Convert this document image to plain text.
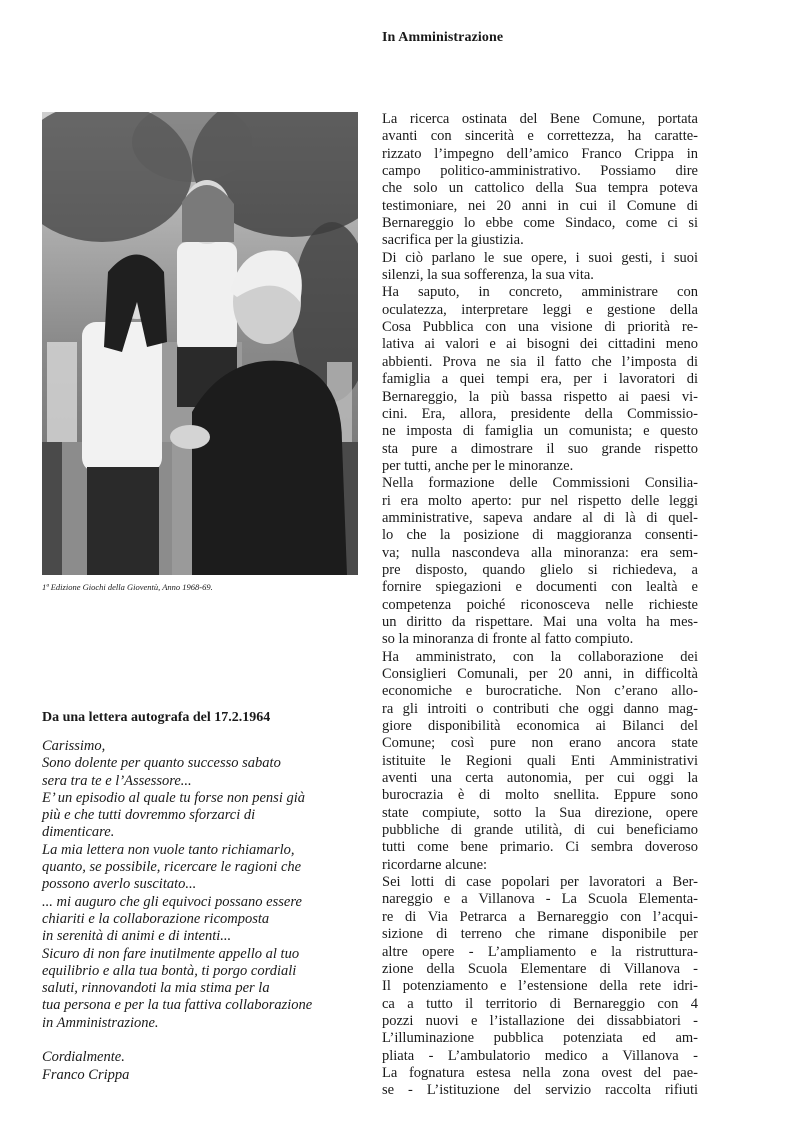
In Amministrazione
1ª Edizione Giochi della Gioventù, Anno 1968-69.
Da una lettera autografa del 17.2.1964
Carissimo,
Sono dolente per quanto successo sabato
sera tra te e l’Assessore...
E’ un episodio al quale tu forse non pensi già
più e che tutti dovremmo sforzarci di
dimenticare.
La mia lettera non vuole tanto richiamarlo,
quanto, se possibile, ricercare le ragioni che
possono averlo suscitato...
... mi auguro che gli equivoci possano essere
chiariti e la collaborazione ricomposta
in serenità di animi e di intenti...
Sicuro di non fare inutilmente appello al tuo
equilibrio e alla tua bontà, ti porgo cordiali
saluti, rinnovandoti la mia stima per la
tua persona e per la tua fattiva collaborazione
in Amministrazione.
Cordialmente.
Franco Crippa
La ricerca ostinata del Bene Comune, portata
avanti con sincerità e correttezza, ha caratte-
rizzato l’impegno dell’amico Franco Crippa in
campo politico-amministrativo. Possiamo dire
che solo un cattolico della Sua tempra poteva
testimoniare, nei 20 anni in cui il Comune di
Bernareggio lo ebbe come Sindaco, come ci si
sacrifica per la giustizia.
Di ciò parlano le sue opere, i suoi gesti, i suoi
silenzi, la sua sofferenza, la sua vita.
Ha saputo, in concreto, amministrare con
oculatezza, interpretare leggi e gestione della
Cosa Pubblica con una visione di priorità re-
lativa ai valori e ai bisogni dei cittadini meno
abbienti. Prova ne sia il fatto che l’imposta di
famiglia a quei tempi era, per i lavoratori di
Bernareggio, la più bassa rispetto ai paesi vi-
cini. Era, allora, presidente della Commissio-
ne imposta di famiglia un comunista; e questo
sta pure a dimostrare il suo grande rispetto
per tutti, anche per le minoranze.
Nella formazione delle Commissioni Consilia-
ri era molto aperto: pur nel rispetto delle leggi
amministrative, sapeva andare al di là di quel-
lo che la posizione di maggioranza consenti-
va; nulla nascondeva alla minoranza: era sem-
pre disposto, quando glielo si richiedeva, a
fornire spiegazioni e documenti con lealtà e
competenza poiché riconosceva nelle richieste
un diritto da rispettare. Mai una volta ha mes-
so la minoranza di fronte al fatto compiuto.
Ha amministrato, con la collaborazione dei
Consiglieri Comunali, per 20 anni, in difficoltà
economiche e burocratiche. Non c’erano allo-
ra gli introiti o contributi che oggi danno mag-
giore disponibilità economica ai Bilanci del
Comune; così pure non erano ancora state
istituite le Regioni quali Enti Amministrativi
aventi una certa autonomia, per cui oggi la
burocrazia è di molto snellita. Eppure sono
state compiute, sotto la Sua direzione, opere
pubbliche di grande utilità, di cui beneficiamo
tutti come bene primario. Ci sembra doveroso
ricordarne alcune:
Sei lotti di case popolari per lavoratori a Ber-
nareggio e a Villanova - La Scuola Elementa-
re di Via Petrarca a Bernareggio con l’acqui-
sizione di terreno che rimane disponibile per
altre opere - L’ampliamento e la ristruttura-
zione della Scuola Elementare di Villanova -
Il potenziamento e l’estensione della rete idri-
ca a tutto il territorio di Bernareggio con 4
pozzi nuovi e l’istallazione dei dissabbiatori -
L’illuminazione pubblica potenziata ed am-
pliata - L’ambulatorio medico a Villanova -
La fognatura estesa nella zona ovest del pae-
se - L’istituzione del servizio raccolta rifiuti
